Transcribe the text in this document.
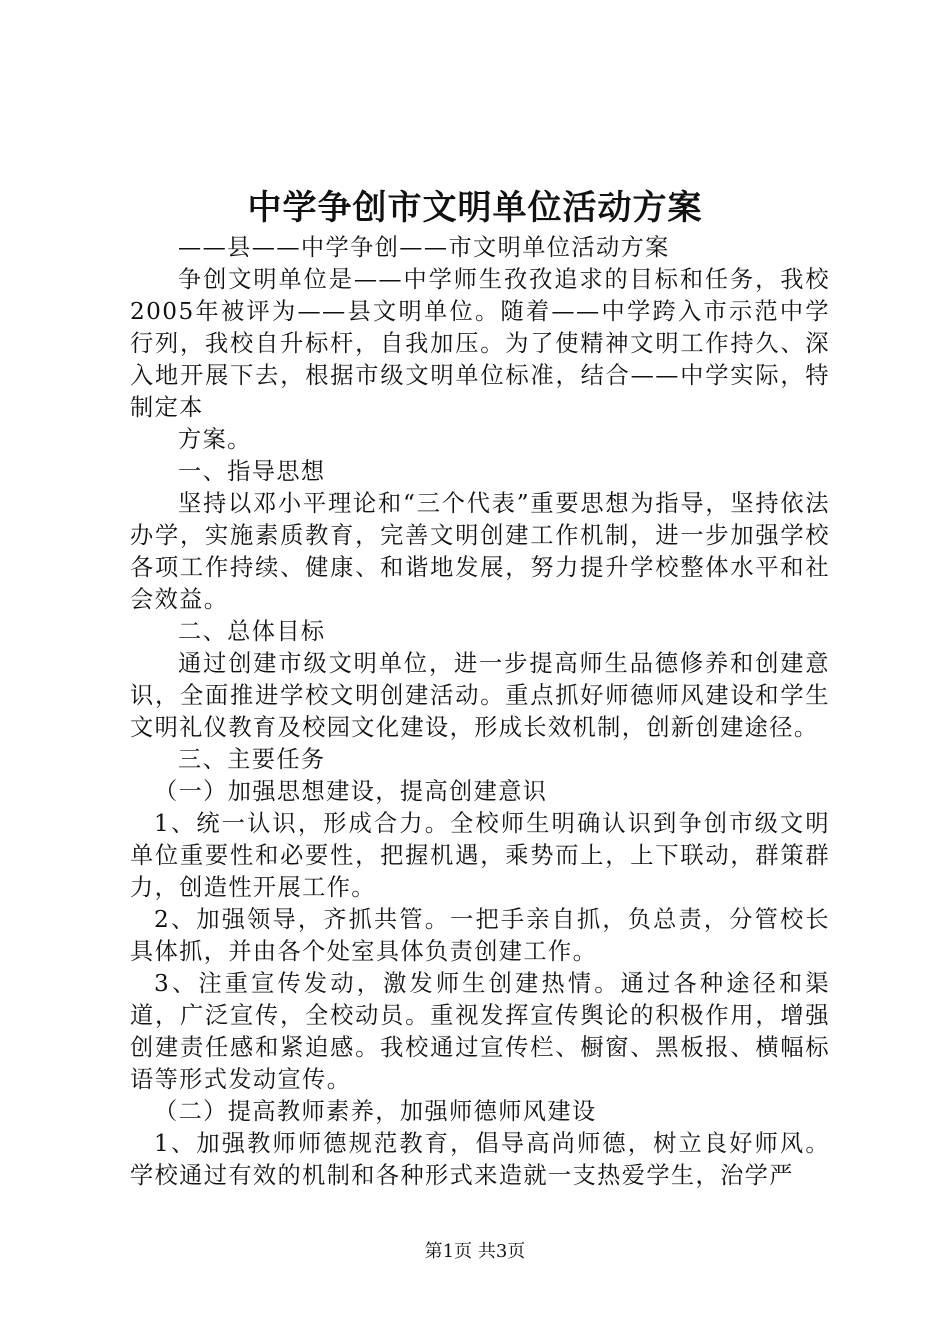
中学争创市文明单位活动方案

——县——中学争创——市文明单位活动方案

争创文明单位是——中学师生孜孜追求的目标和任务，我校2005年被评为——县文明单位。随着——中学跨入市示范中学行列，我校自升标杆，自我加压。为了使精神文明工作持久、深入地开展下去，根据市级文明单位标准，结合——中学实际，特制定本

方案。

一、指导思想

坚持以邓小平理论和“三个代表”重要思想为指导，坚持依法办学，实施素质教育，完善文明创建工作机制，进一步加强学校各项工作持续、健康、和谐地发展，努力提升学校整体水平和社会效益。

二、总体目标

通过创建市级文明单位，进一步提高师生品德修养和创建意识，全面推进学校文明创建活动。重点抓好师德师风建设和学生文明礼仪教育及校园文化建设，形成长效机制，创新创建途径。

三、主要任务

（一）加强思想建设，提高创建意识

1、统一认识，形成合力。全校师生明确认识到争创市级文明单位重要性和必要性，把握机遇，乘势而上，上下联动，群策群力，创造性开展工作。

2、加强领导，齐抓共管。一把手亲自抓，负总责，分管校长具体抓，并由各个处室具体负责创建工作。

3、注重宣传发动，激发师生创建热情。通过各种途径和渠道，广泛宣传，全校动员。重视发挥宣传舆论的积极作用，增强创建责任感和紧迫感。我校通过宣传栏、橱窗、黑板报、横幅标语等形式发动宣传。

（二）提高教师素养，加强师德师风建设

1、加强教师师德规范教育，倡导高尚师德，树立良好师风。学校通过有效的机制和各种形式来造就一支热爱学生，治学严

第1页 共3页
